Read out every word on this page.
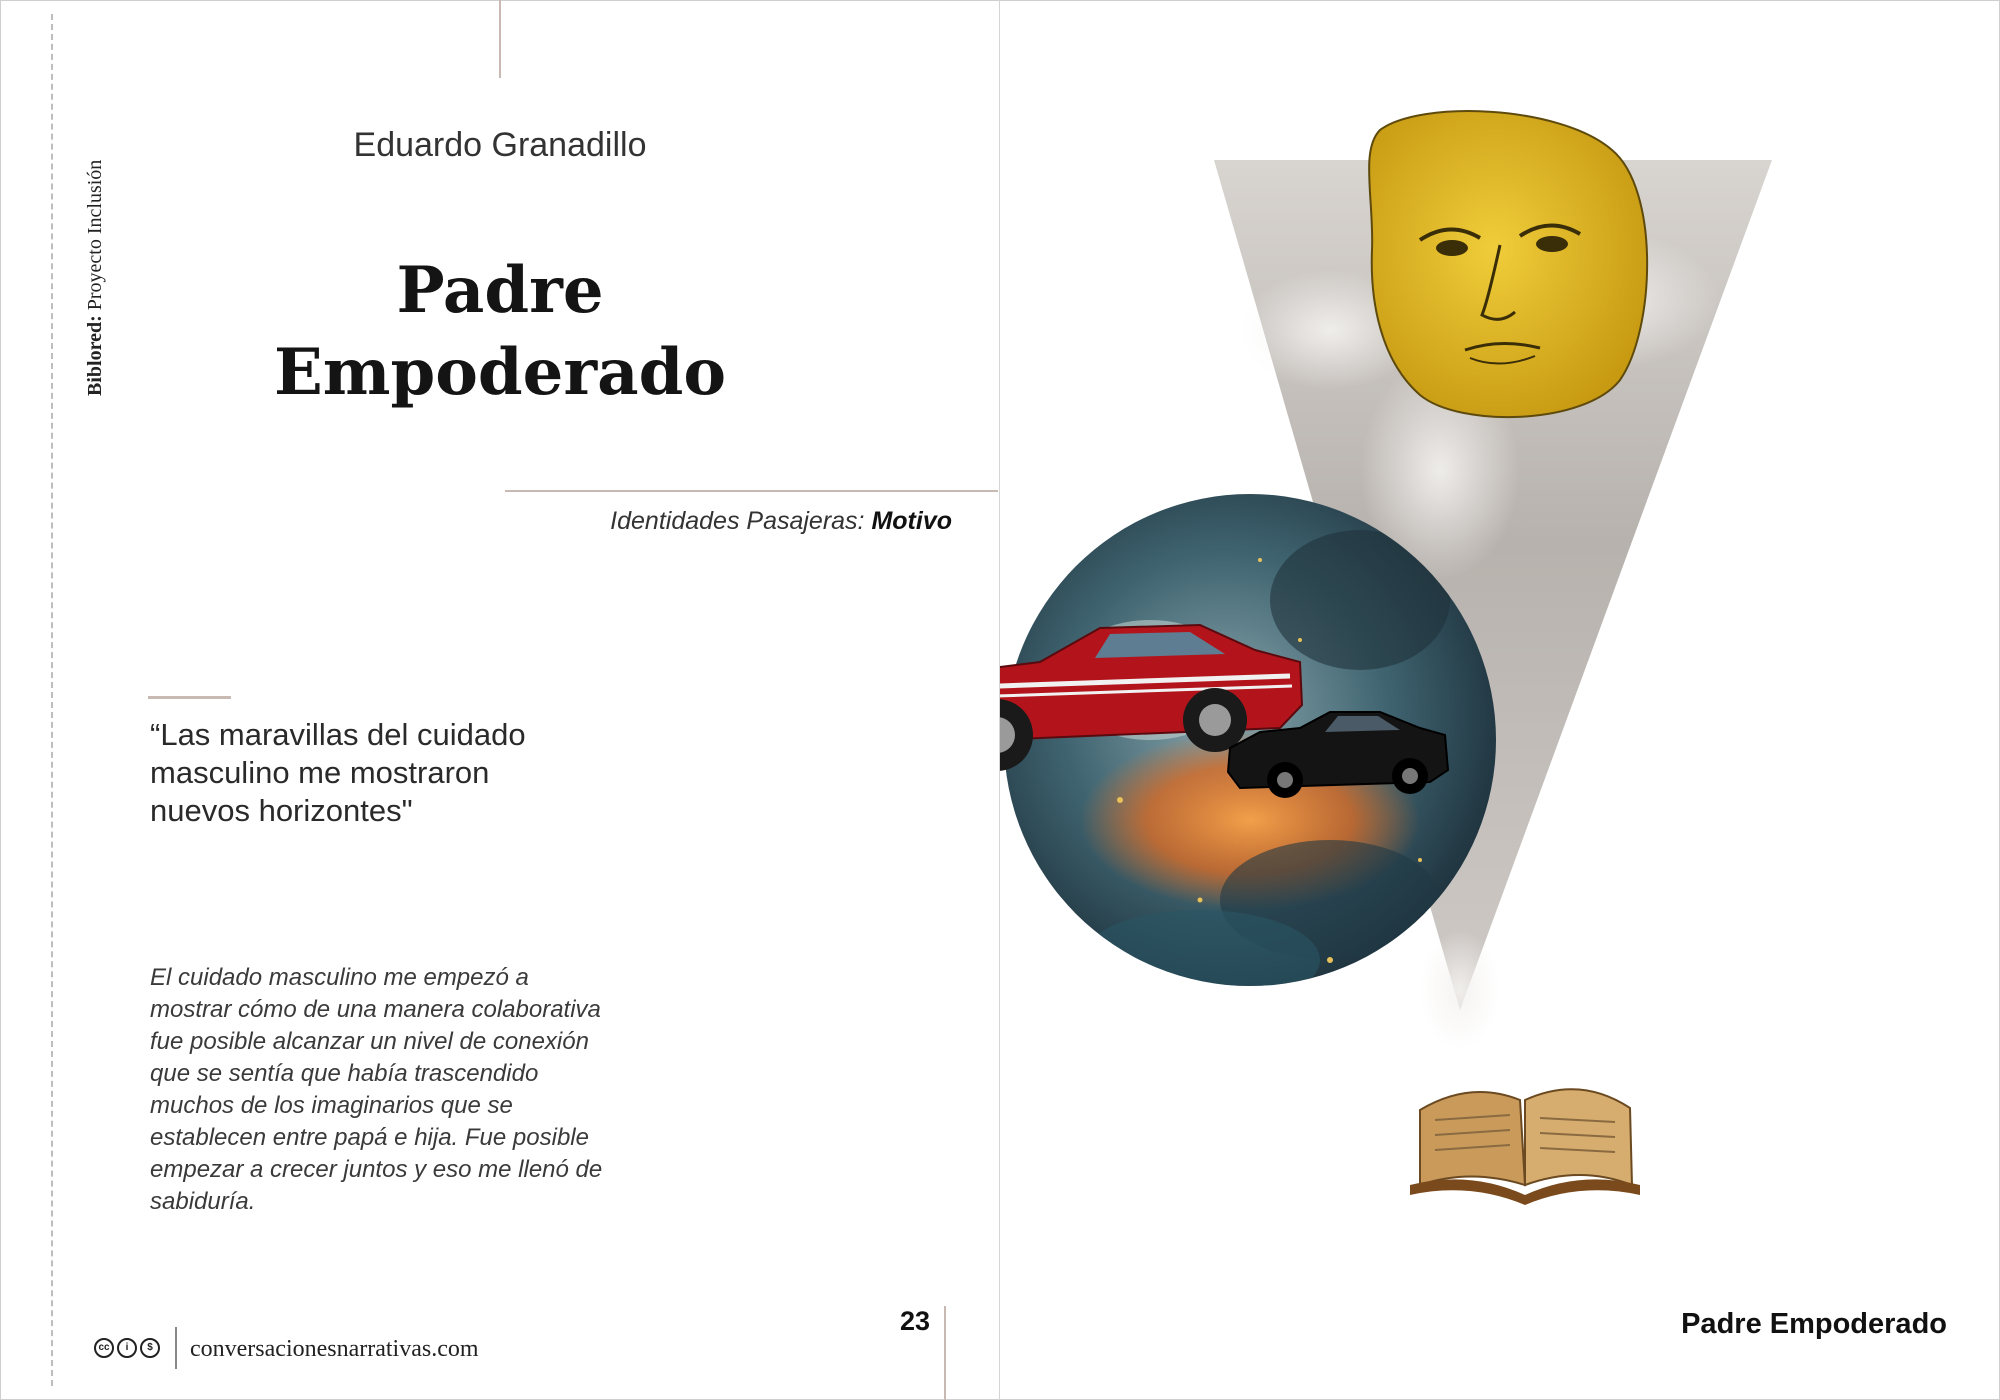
Biblored: Proyecto Inclusión
Eduardo Granadillo
Padre
Empoderado
Identidades Pasajeras: Motivo
“Las maravillas del cuidado
masculino me mostraron
nuevos horizontes"
El cuidado masculino me empezó a
mostrar cómo de una manera colaborativa
fue posible alcanzar un nivel de conexión
que se sentía que había trascendido
muchos de los imaginarios que se
establecen entre papá e hija. Fue posible
empezar a crecer juntos y eso me llenó de
sabiduría.
cc	i	$	conversacionesnarrativas.com
23	Padre Empoderado
